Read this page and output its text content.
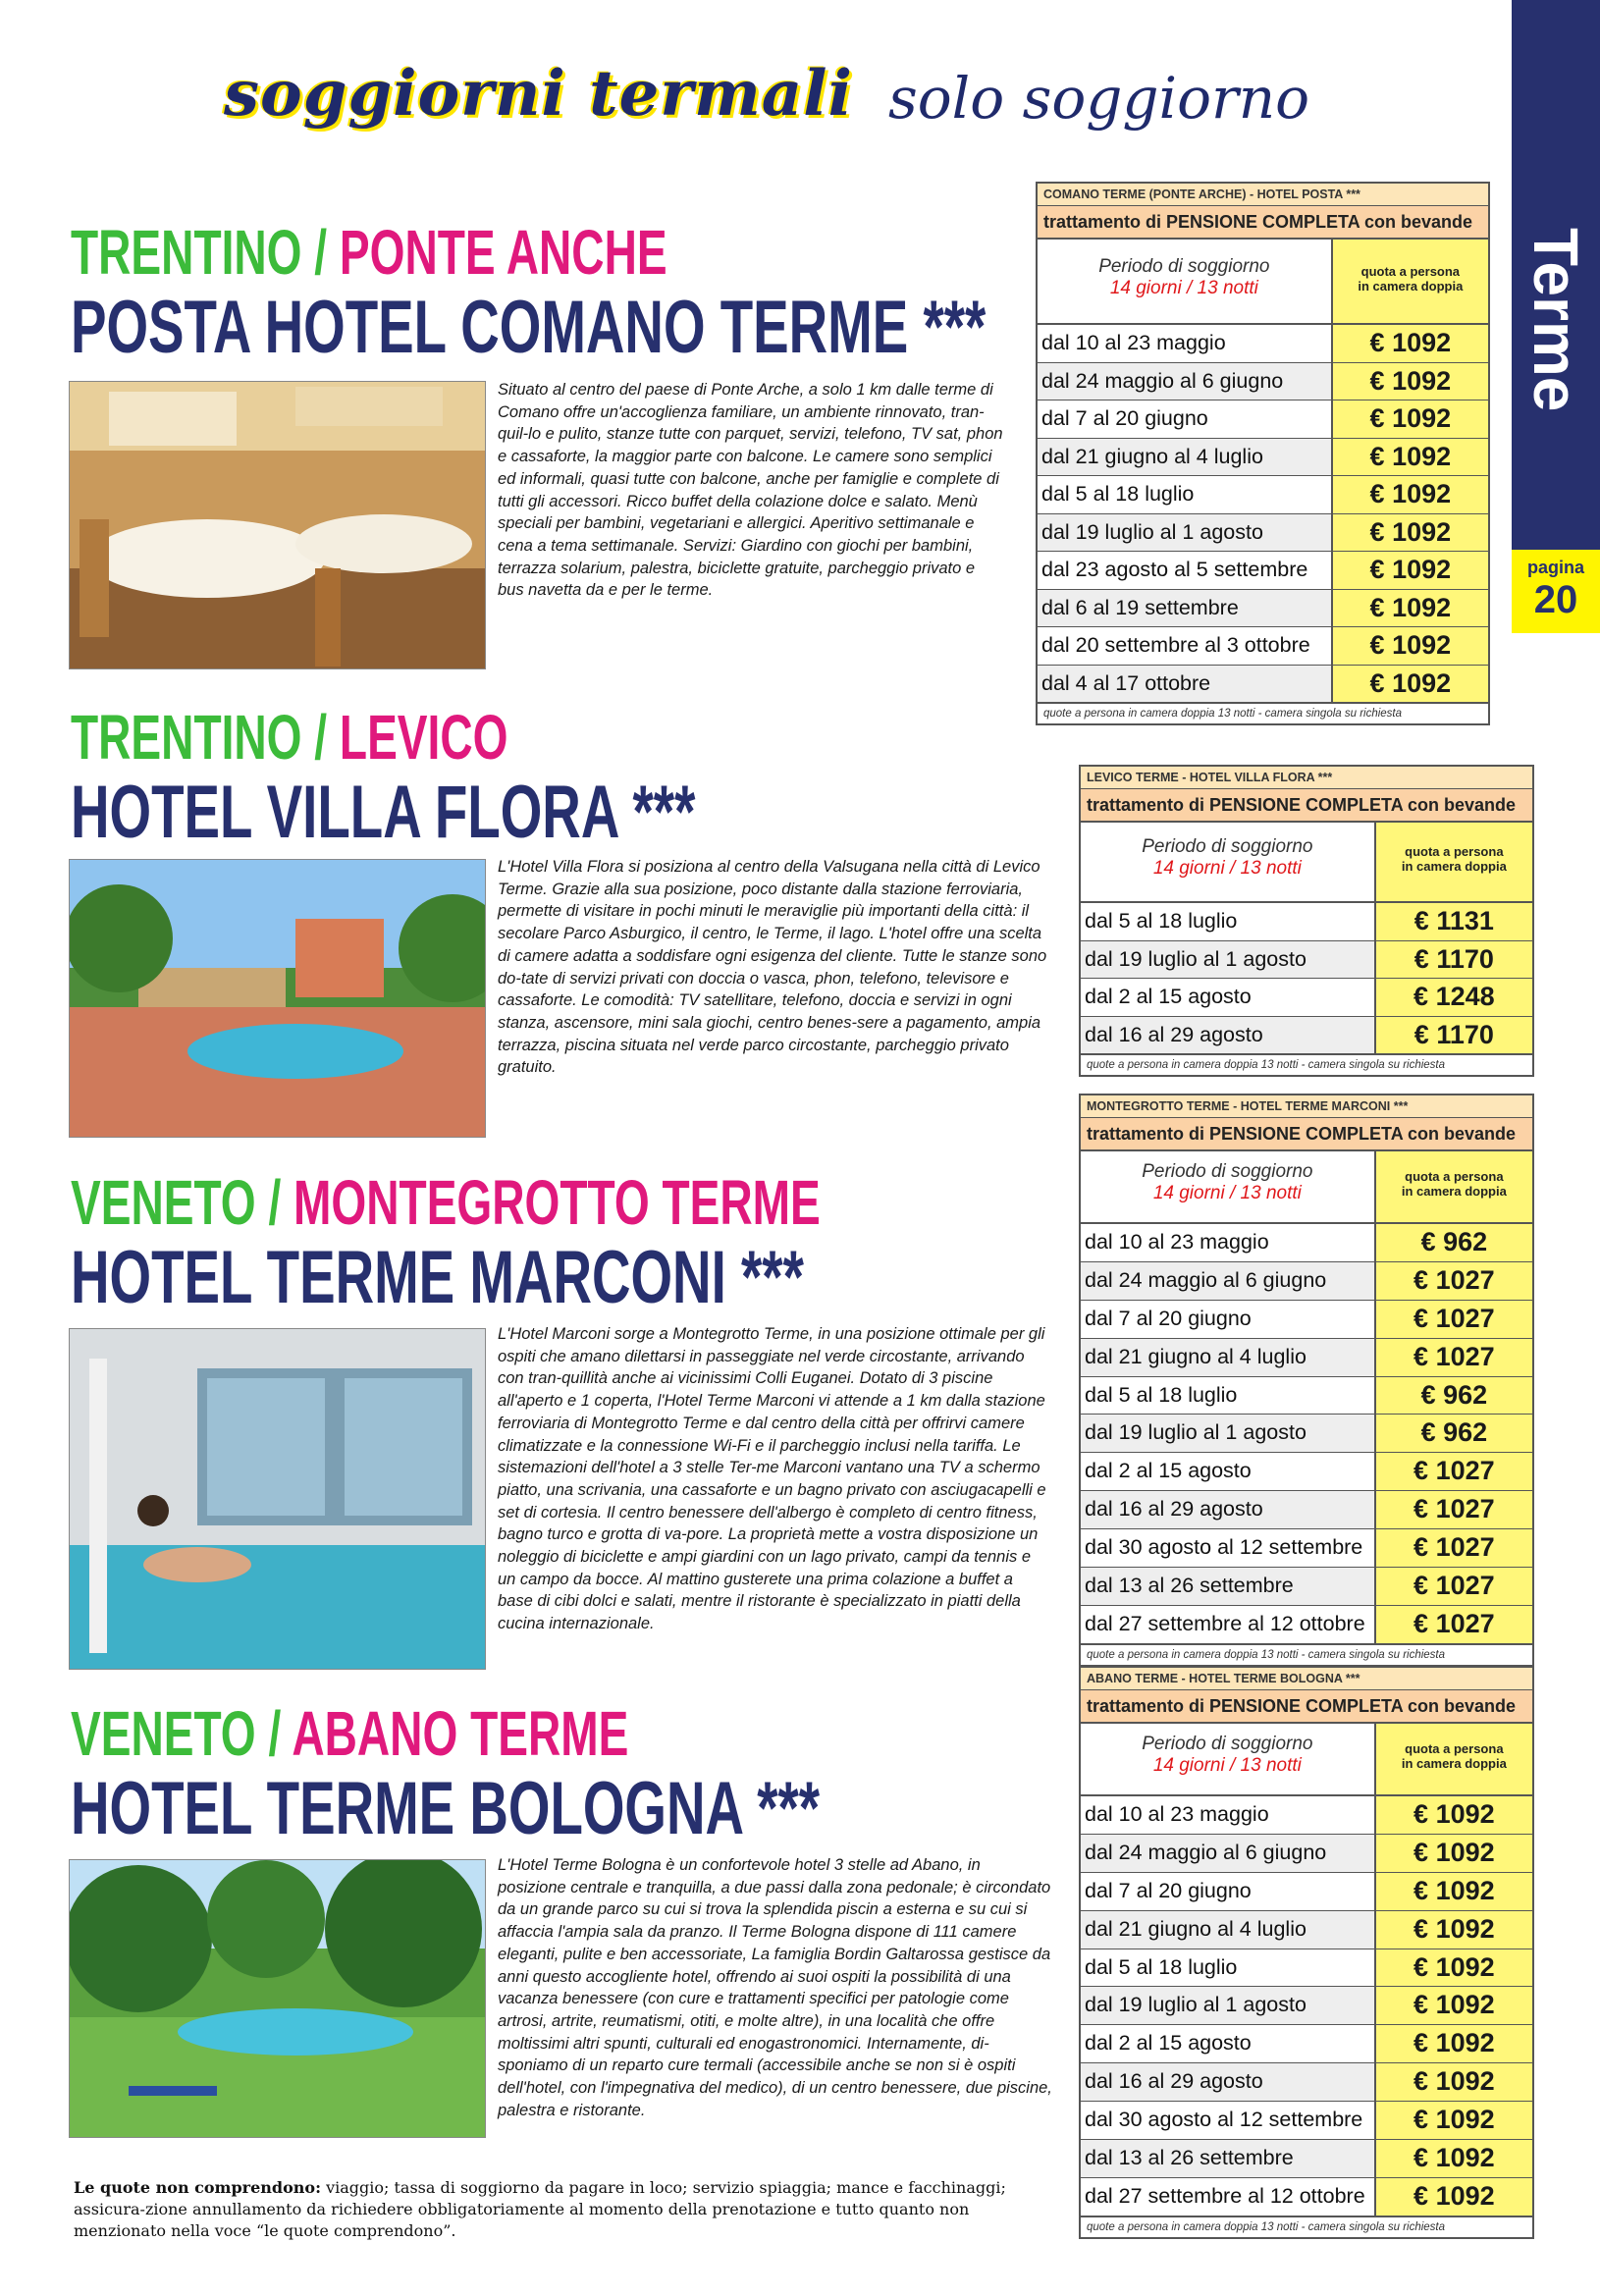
soggiorni termali solo soggiorno
Terme
pagina
20
TRENTINO / PONTE ANCHE
POSTA HOTEL COMANO TERME ***
Situato al centro del paese di Ponte Arche, a solo 1 km dalle terme di Comano offre un'accoglienza familiare, un ambiente rinnovato, tran-quil-lo e pulito, stanze tutte con parquet, servizi, telefono, TV sat, phon e cassaforte, la maggior parte con balcone. Le camere sono semplici ed informali, quasi tutte con balcone, anche per famiglie e complete di tutti gli accessori. Ricco buffet della colazione dolce e salato. Menù speciali per bambini, vegetariani e allergici. Aperitivo settimanale e cena a tema settimanale. Servizi: Giardino con giochi per bambini, terrazza solarium, palestra, biciclette gratuite, parcheggio privato e bus navetta da e per le terme.
TRENTINO / LEVICO
HOTEL VILLA FLORA ***
L'Hotel Villa Flora si posiziona al centro della Valsugana nella città di Levico Terme. Grazie alla sua posizione, poco distante dalla stazione ferroviaria, permette di visitare in pochi minuti le meraviglie più importanti della città: il secolare Parco Asburgico, il centro, le Terme, il lago. L'hotel offre una scelta di camere adatta a soddisfare ogni esigenza del cliente. Tutte le stanze sono do-tate di servizi privati con doccia o vasca, phon, telefono, televisore e cassaforte. Le comodità: TV satellitare, telefono, doccia e servizi in ogni stanza, ascensore, mini sala giochi, centro benes-sere a pagamento, ampia terrazza, piscina situata nel verde parco circostante, parcheggio privato gratuito.
VENETO / MONTEGROTTO TERME
HOTEL TERME MARCONI ***
L'Hotel Marconi sorge a Montegrotto Terme, in una posizione ottimale per gli ospiti che amano dilettarsi in passeggiate nel verde circostante, arrivando con tran-quillità anche ai vicinissimi Colli Euganei. Dotato di 3 piscine all'aperto e 1 coperta, l'Hotel Terme Marconi vi attende a 1 km dalla stazione ferroviaria di Montegrotto Terme e dal centro della città per offrirvi camere climatizzate e la connessione Wi-Fi e il parcheggio inclusi nella tariffa. Le sistemazioni dell'hotel a 3 stelle Ter-me Marconi vantano una TV a schermo piatto, una scrivania, una cassaforte e un bagno privato con asciugacapelli e set di cortesia. Il centro benessere dell'albergo è completo di centro fitness, bagno turco e grotta di va-pore. La proprietà mette a vostra disposizione un noleggio di biciclette e ampi giardini con un lago privato, campi da tennis e un campo da bocce. Al mattino gusterete una prima colazione a buffet a base di cibi dolci e salati, mentre il ristorante è specializzato in piatti della cucina internazionale.
VENETO / ABANO TERME
HOTEL TERME BOLOGNA ***
L'Hotel Terme Bologna è un confortevole hotel 3 stelle ad Abano, in posizione centrale e tranquilla, a due passi dalla zona pedonale; è circondato da un grande parco su cui si trova la splendida piscin a esterna e su cui si affaccia l'ampia sala da pranzo. Il Terme Bologna dispone di 111 camere eleganti, pulite e ben accessoriate, La famiglia Bordin Galtarossa gestisce da anni questo accogliente hotel, offrendo ai suoi ospiti la possibilità di una vacanza benessere (con cure e trattamenti specifici per patologie come artrosi, artrite, reumatismi, otiti, e molte altre), in una località che offre moltissimi altri spunti, culturali ed enogastronomici. Internamente, di-sponiamo di un reparto cure termali (accessibile anche se non si è ospiti dell'hotel, con l'impegnativa del medico), di un centro benessere, due piscine, palestra e ristorante.
Le quote non comprendono: viaggio; tassa di soggiorno da pagare in loco; servizio spiaggia; mance e facchinaggi; assicura-zione annullamento da richiedere obbligatoriamente al momento della prenotazione e tutto quanto non menzionato nella voce “le quote comprendono”.
COMANO TERME (PONTE ARCHE) - HOTEL POSTA ***
trattamento di PENSIONE COMPLETA con bevande
Periodo di soggiorno
14 giorni / 13 notti
quota a persona
in camera doppia
dal 10 al 23 maggio	€ 1092
dal 24 maggio al 6 giugno	€ 1092
dal 7 al 20 giugno	€ 1092
dal 21 giugno al 4 luglio	€ 1092
dal 5 al 18 luglio	€ 1092
dal 19 luglio al 1 agosto	€ 1092
dal 23 agosto al 5 settembre	€ 1092
dal 6 al 19 settembre	€ 1092
dal 20 settembre al 3 ottobre	€ 1092
dal 4 al 17 ottobre	€ 1092
quote a persona in camera doppia 13 notti - camera singola su richiesta
LEVICO TERME - HOTEL VILLA FLORA ***
trattamento di PENSIONE COMPLETA con bevande
Periodo di soggiorno
14 giorni / 13 notti
quota a persona
in camera doppia
dal 5 al 18 luglio	€ 1131
dal 19 luglio al 1 agosto	€ 1170
dal 2 al 15 agosto	€ 1248
dal 16 al 29 agosto	€ 1170
quote a persona in camera doppia 13 notti - camera singola su richiesta
MONTEGROTTO TERME - HOTEL TERME MARCONI ***
trattamento di PENSIONE COMPLETA con bevande
Periodo di soggiorno
14 giorni / 13 notti
quota a persona
in camera doppia
dal 10 al 23 maggio	€ 962
dal 24 maggio al 6 giugno	€ 1027
dal 7 al 20 giugno	€ 1027
dal 21 giugno al 4 luglio	€ 1027
dal 5 al 18 luglio	€ 962
dal 19 luglio al 1 agosto	€ 962
dal 2 al 15 agosto	€ 1027
dal 16 al 29 agosto	€ 1027
dal 30 agosto al 12 settembre	€ 1027
dal 13 al 26 settembre	€ 1027
dal 27 settembre al 12 ottobre	€ 1027
quote a persona in camera doppia 13 notti - camera singola su richiesta
ABANO TERME - HOTEL TERME BOLOGNA ***
trattamento di PENSIONE COMPLETA con bevande
Periodo di soggiorno
14 giorni / 13 notti
quota a persona
in camera doppia
dal 10 al 23 maggio	€ 1092
dal 24 maggio al 6 giugno	€ 1092
dal 7 al 20 giugno	€ 1092
dal 21 giugno al 4 luglio	€ 1092
dal 5 al 18 luglio	€ 1092
dal 19 luglio al 1 agosto	€ 1092
dal 2 al 15 agosto	€ 1092
dal 16 al 29 agosto	€ 1092
dal 30 agosto al 12 settembre	€ 1092
dal 13 al 26 settembre	€ 1092
dal 27 settembre al 12 ottobre	€ 1092
quote a persona in camera doppia 13 notti - camera singola su richiesta
